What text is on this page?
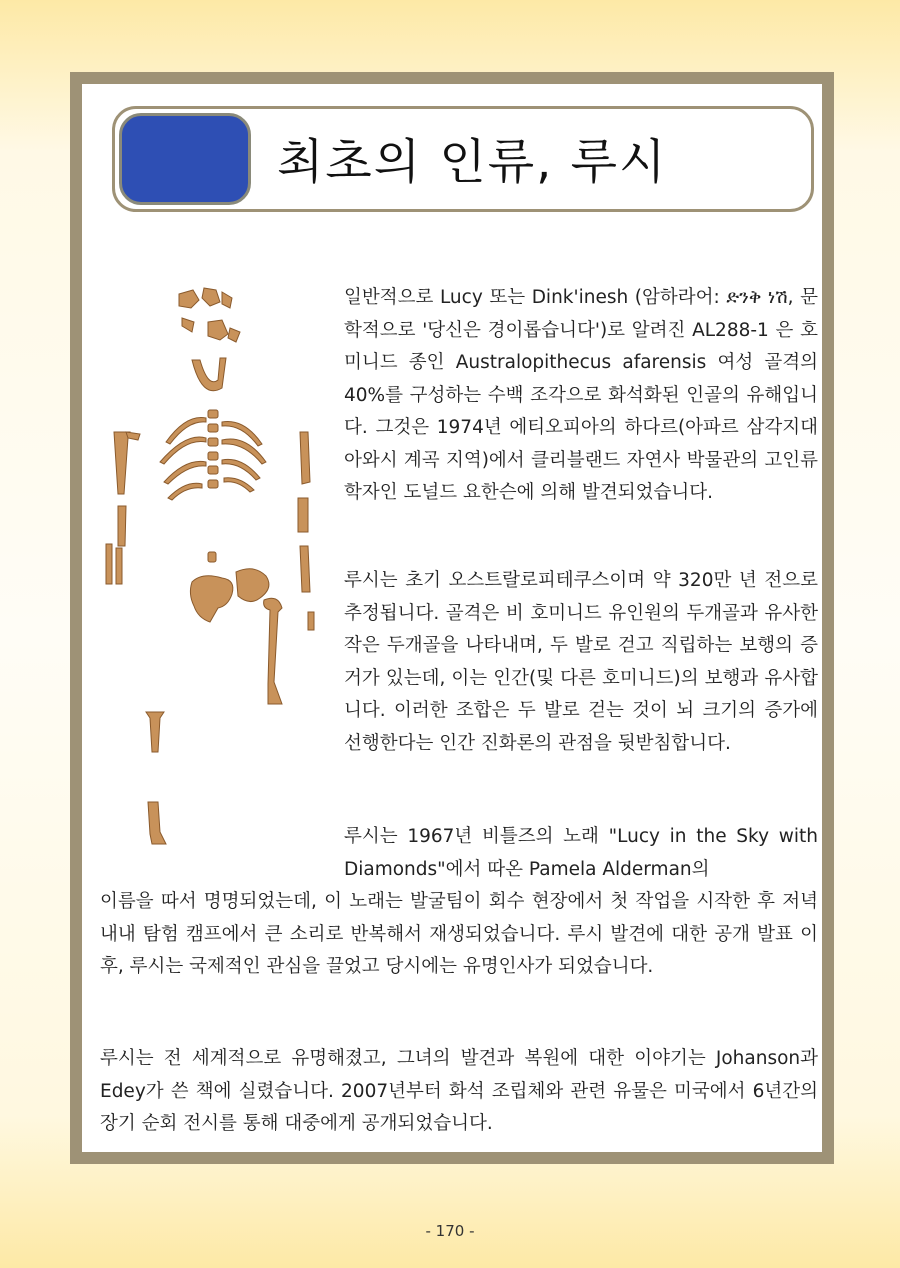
최초의 인류, 루시
일반적으로 Lucy 또는 Dink'inesh (암하라어: ድንቅ ነሽ, 문학적으로 '당신은 경이롭습니다')로 알려진 AL288-1 은 호미니드 종인 Australopithecus afarensis 여성 골격의 40%를 구성하는 수백 조각으로 화석화된 인골의 유해입니다. 그것은 1974년 에티오피아의 하다르(아파르 삼각지대 아와시 계곡 지역)에서 클리블랜드 자연사 박물관의 고인류학자인 도널드 요한슨에 의해 발견되었습니다.
루시는 초기 오스트랄로피테쿠스이며 약 320만 년 전으로 추정됩니다. 골격은 비 호미니드 유인원의 두개골과 유사한 작은 두개골을 나타내며, 두 발로 걷고 직립하는 보행의 증거가 있는데, 이는 인간(및 다른 호미니드)의 보행과 유사합니다. 이러한 조합은 두 발로 걷는 것이 뇌 크기의 증가에 선행한다는 인간 진화론의 관점을 뒷받침합니다.
루시는 1967년 비틀즈의 노래 "Lucy in the Sky with Diamonds"에서 따온 Pamela Alderman의
이름을 따서 명명되었는데, 이 노래는 발굴팀이 회수 현장에서 첫 작업을 시작한 후 저녁 내내 탐험 캠프에서 큰 소리로 반복해서 재생되었습니다. 루시 발견에 대한 공개 발표 이후, 루시는 국제적인 관심을 끌었고 당시에는 유명인사가 되었습니다.
루시는 전 세계적으로 유명해졌고, 그녀의 발견과 복원에 대한 이야기는 Johanson과 Edey가 쓴 책에 실렸습니다. 2007년부터 화석 조립체와 관련 유물은 미국에서 6년간의 장기 순회 전시를 통해 대중에게 공개되었습니다.
- 170 -
